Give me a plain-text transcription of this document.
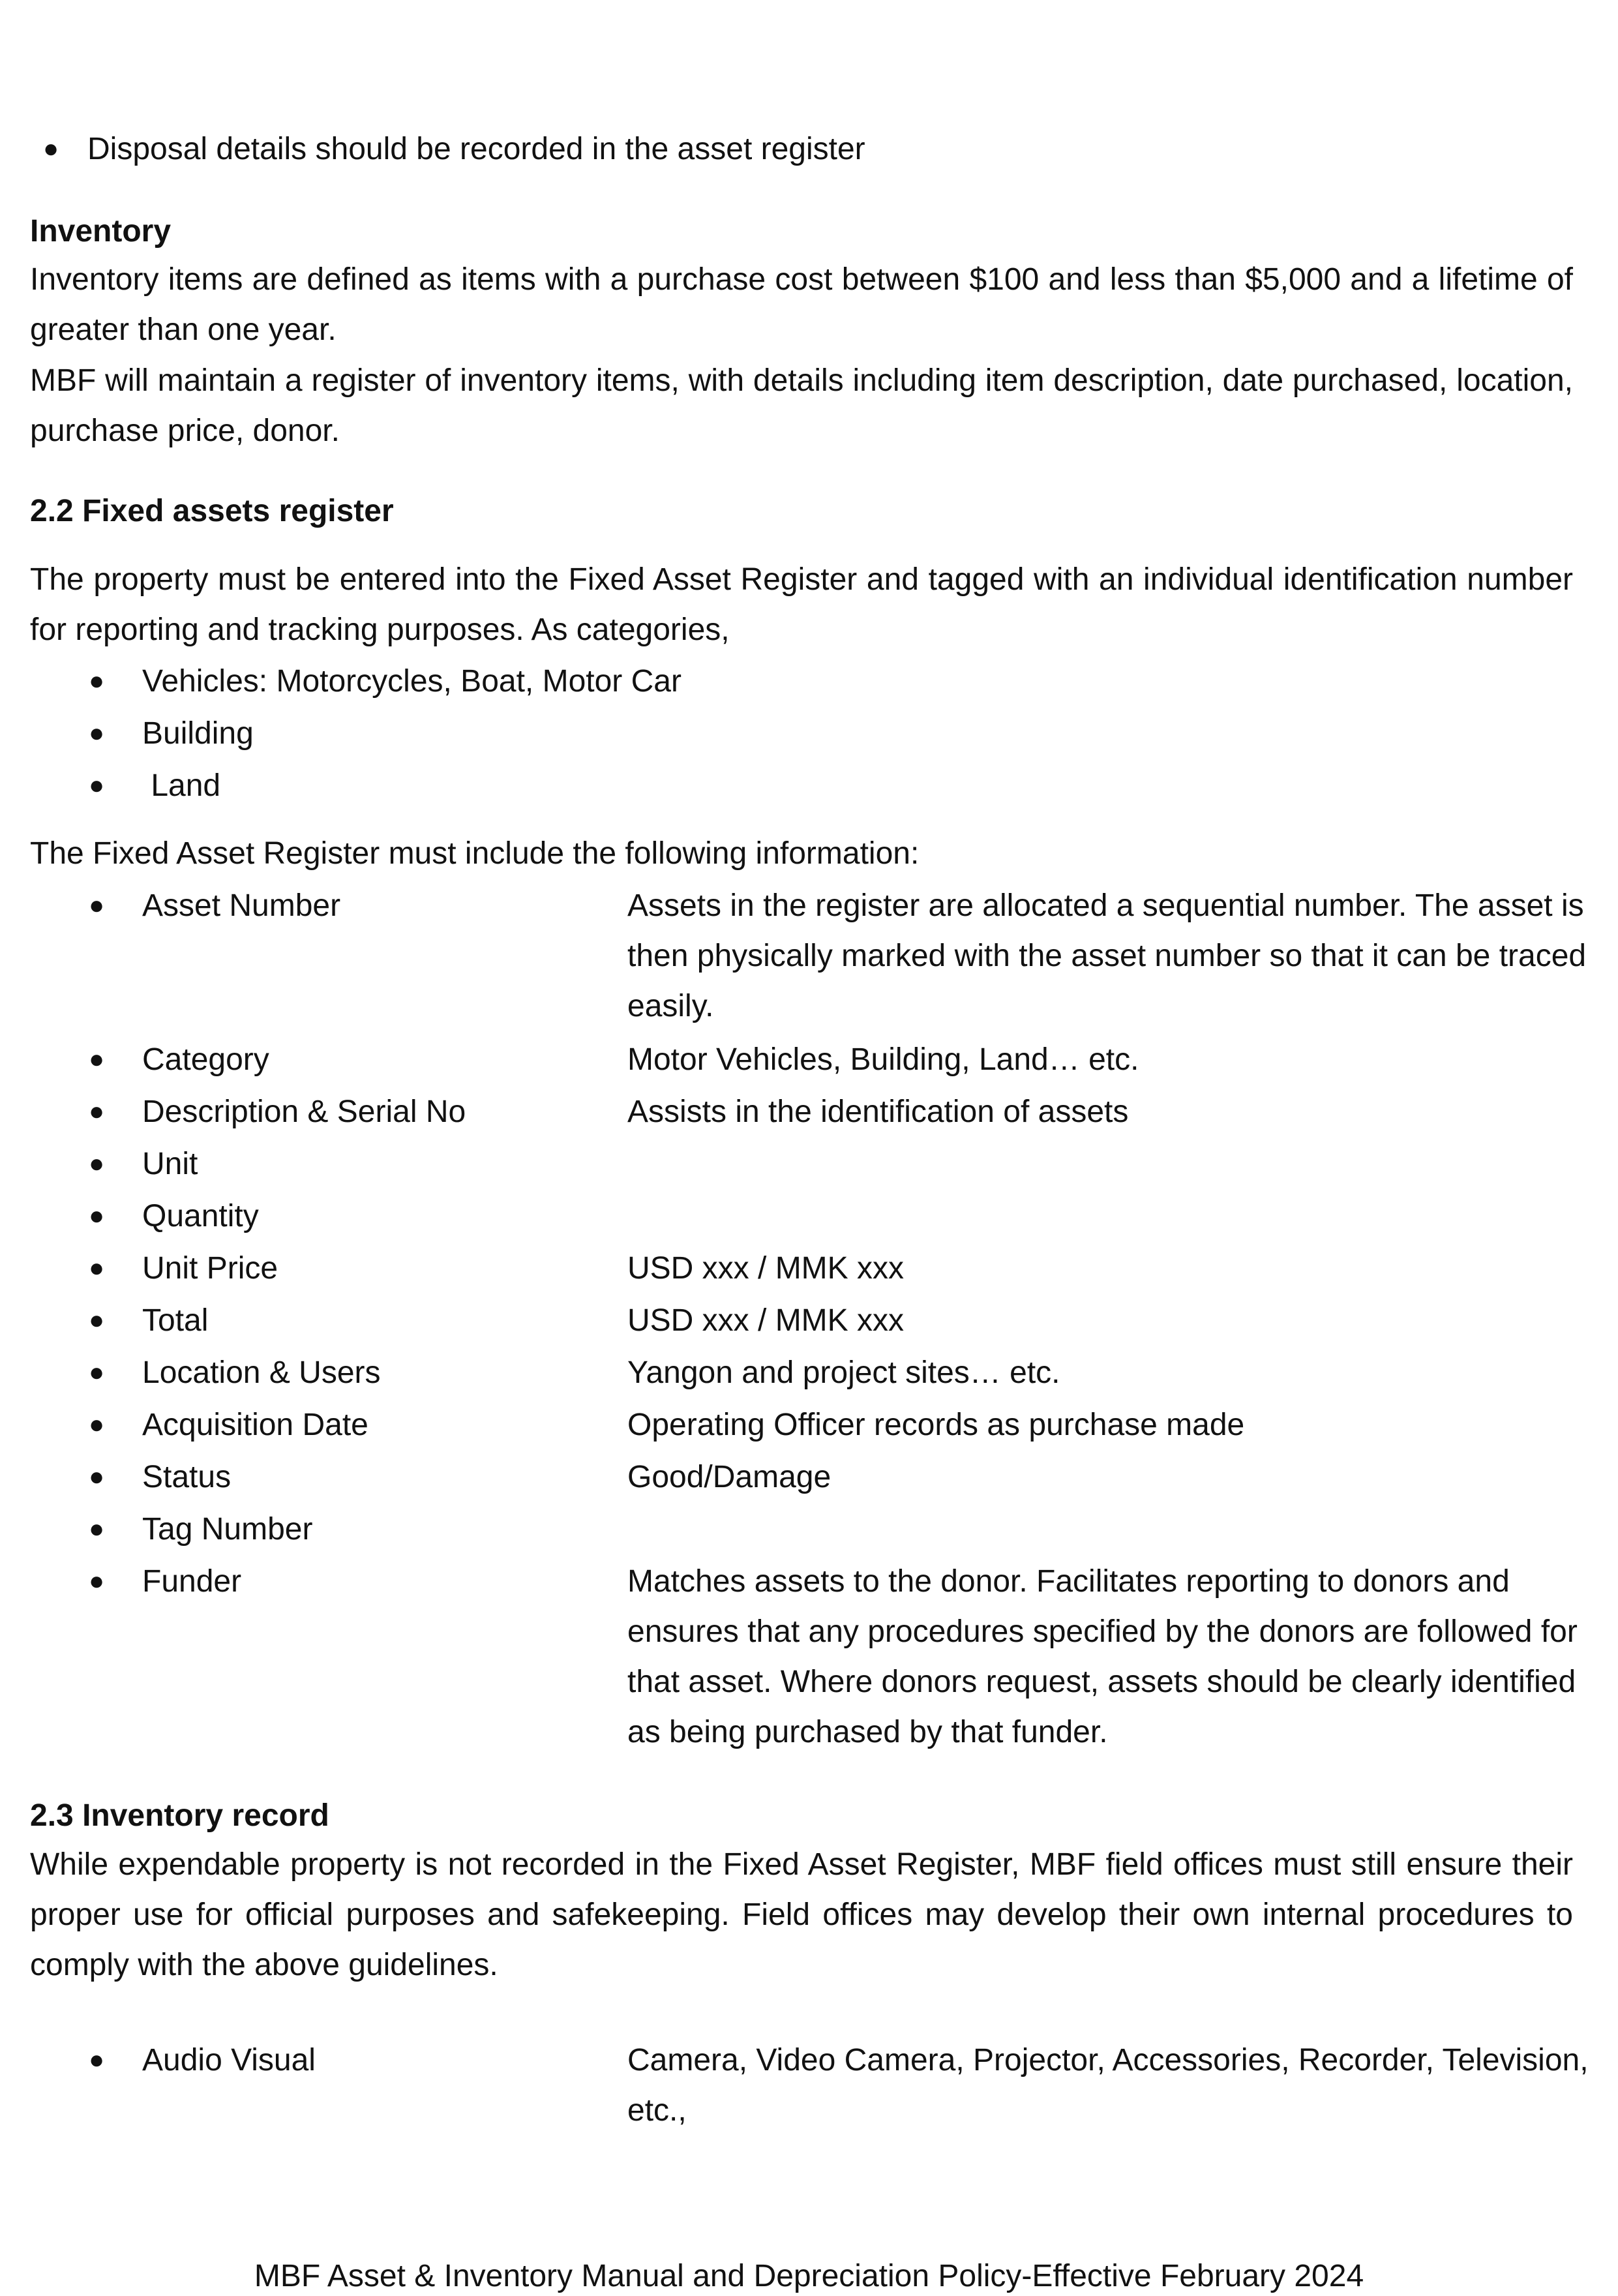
● Disposal details should be recorded in the asset register

Inventory

Inventory items are defined as items with a purchase cost between $100 and less than $5,000 and a lifetime of greater than one year.

MBF will maintain a register of inventory items, with details including item description, date purchased, location, purchase price, donor.

2.2 Fixed assets register

The property must be entered into the Fixed Asset Register and tagged with an individual identification number for reporting and tracking purposes. As categories,

● Vehicles: Motorcycles, Boat, Motor Car
● Building
● Land

The Fixed Asset Register must include the following information:

● Asset Number	Assets in the register are allocated a sequential number. The asset is then physically marked with the asset number so that it can be traced easily.
● Category	Motor Vehicles, Building, Land… etc.
● Description & Serial No	Assists in the identification of assets
● Unit
● Quantity
● Unit Price	USD xxx / MMK xxx
● Total	USD xxx / MMK xxx
● Location & Users	Yangon and project sites… etc.
● Acquisition Date	Operating Officer records as purchase made
● Status	Good/Damage
● Tag Number
● Funder	Matches assets to the donor. Facilitates reporting to donors and ensures that any procedures specified by the donors are followed for that asset. Where donors request, assets should be clearly identified as being purchased by that funder.

2.3 Inventory record

While expendable property is not recorded in the Fixed Asset Register, MBF field offices must still ensure their proper use for official purposes and safekeeping. Field offices may develop their own internal procedures to comply with the above guidelines.

● Audio Visual	Camera, Video Camera, Projector, Accessories, Recorder, Television, etc.,
MBF Asset & Inventory Manual and Depreciation Policy-Effective February 2024
